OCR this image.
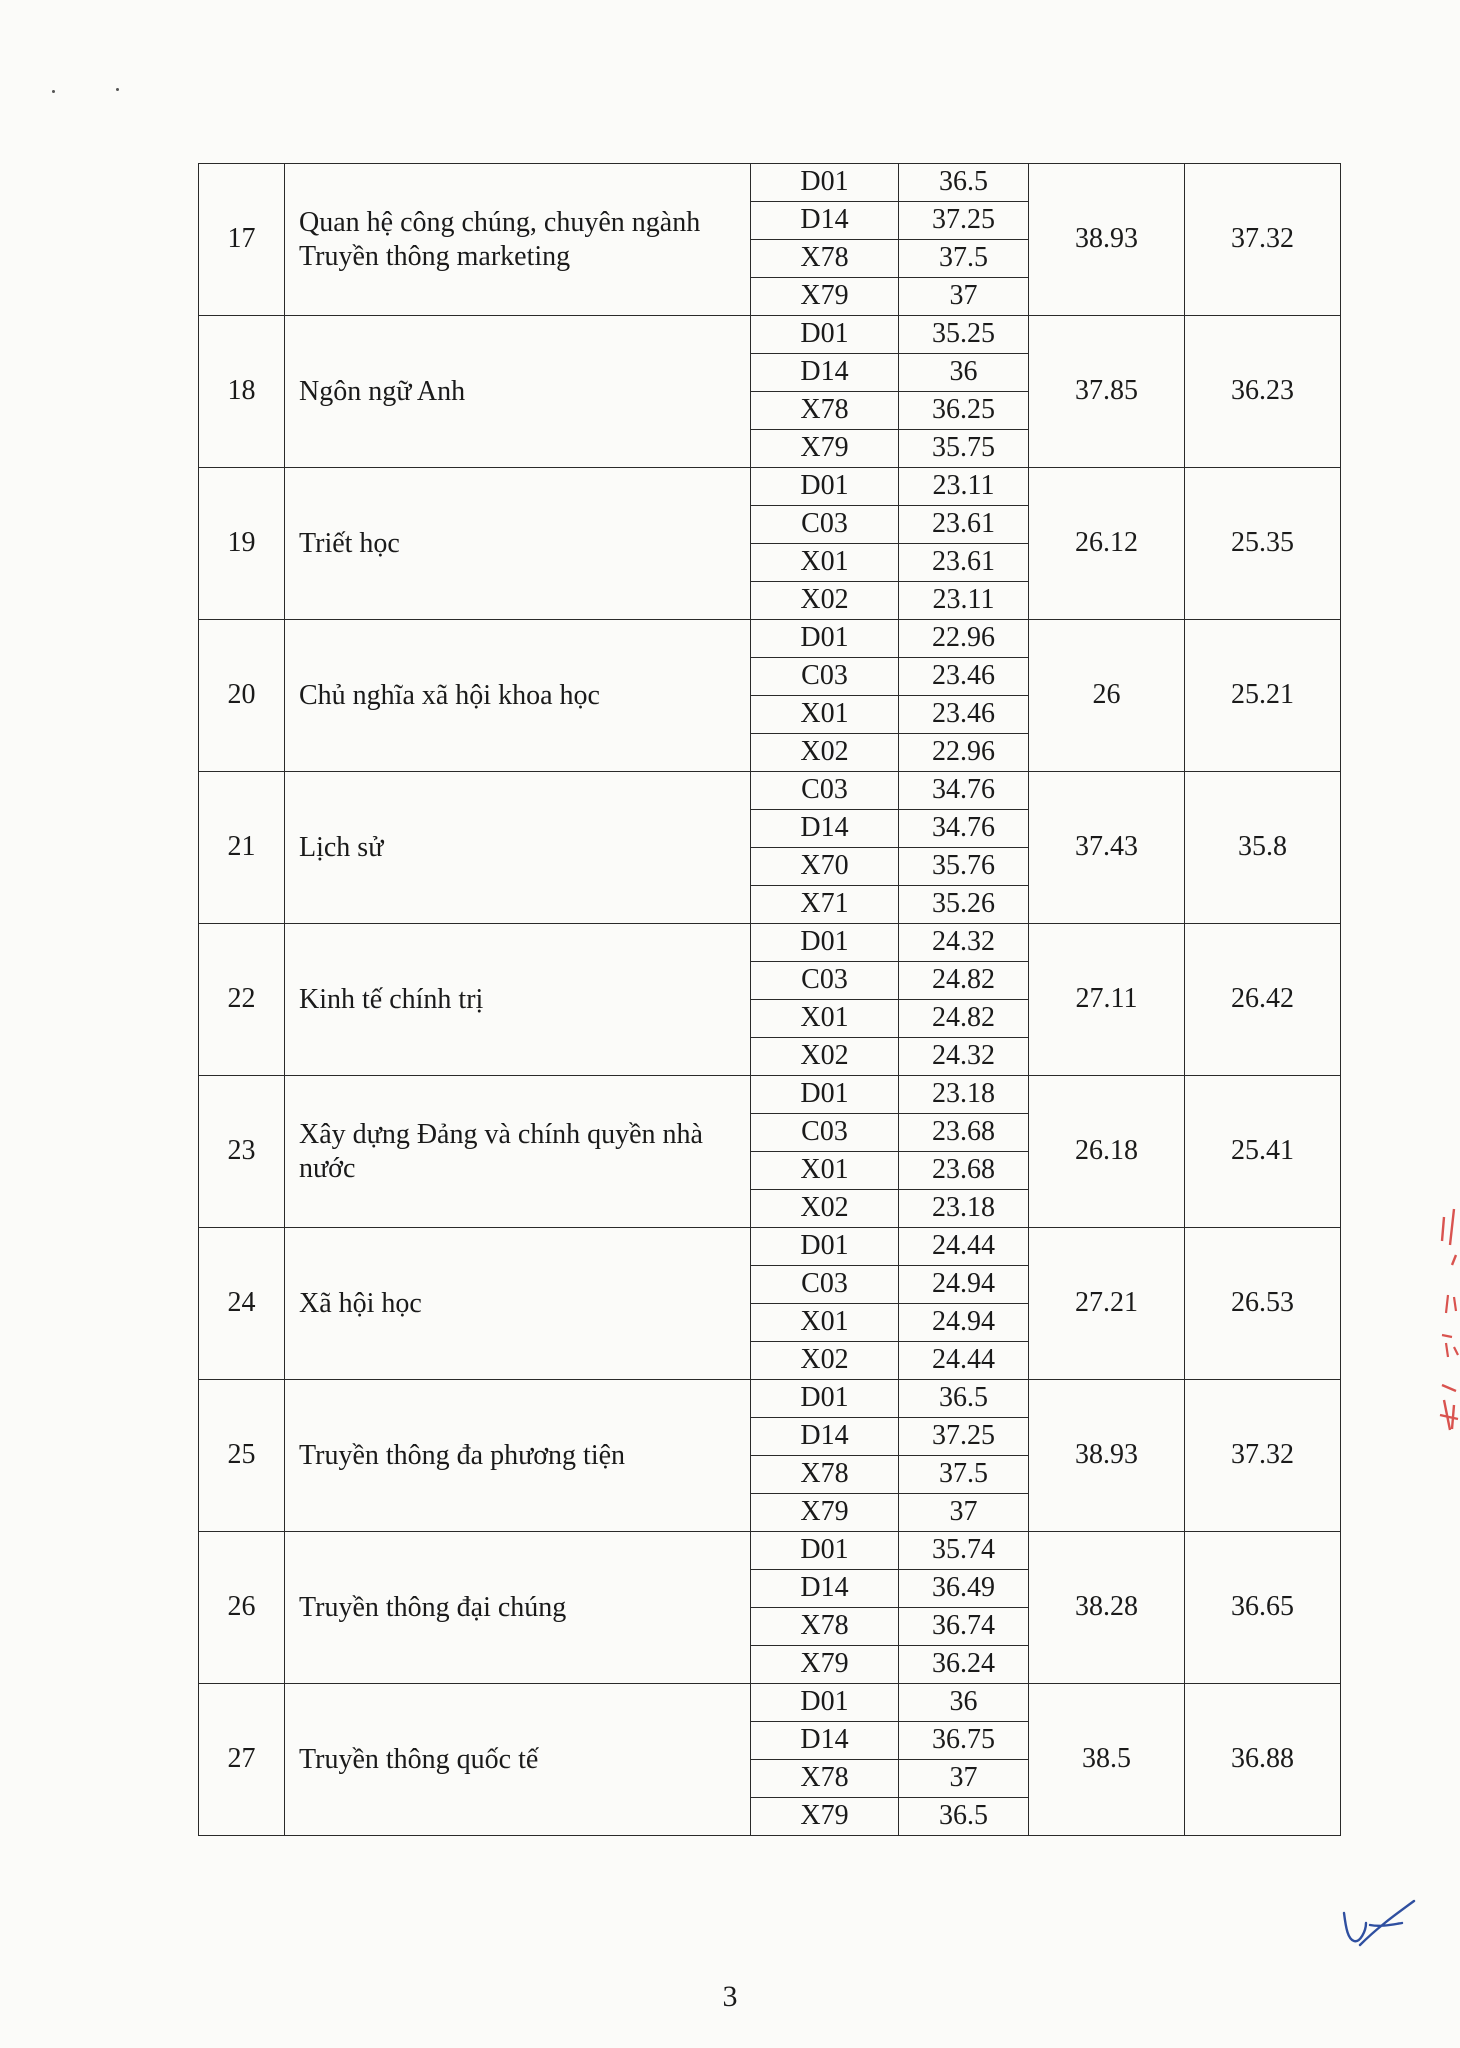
17	Quan hệ công chúng, chuyên ngành Truyền thông marketing	D01	36.5	38.93	37.32
		D14	37.25		
		X78	37.5		
		X79	37		
18	Ngôn ngữ Anh	D01	35.25	37.85	36.23
		D14	36		
		X78	36.25		
		X79	35.75		
19	Triết học	D01	23.11	26.12	25.35
		C03	23.61		
		X01	23.61		
		X02	23.11		
20	Chủ nghĩa xã hội khoa học	D01	22.96	26	25.21
		C03	23.46		
		X01	23.46		
		X02	22.96		
21	Lịch sử	C03	34.76	37.43	35.8
		D14	34.76		
		X70	35.76		
		X71	35.26		
22	Kinh tế chính trị	D01	24.32	27.11	26.42
		C03	24.82		
		X01	24.82		
		X02	24.32		
23	Xây dựng Đảng và chính quyền nhà nước	D01	23.18	26.18	25.41
		C03	23.68		
		X01	23.68		
		X02	23.18		
24	Xã hội học	D01	24.44	27.21	26.53
		C03	24.94		
		X01	24.94		
		X02	24.44		
25	Truyền thông đa phương tiện	D01	36.5	38.93	37.32
		D14	37.25		
		X78	37.5		
		X79	37		
26	Truyền thông đại chúng	D01	35.74	38.28	36.65
		D14	36.49		
		X78	36.74		
		X79	36.24		
27	Truyền thông quốc tế	D01	36	38.5	36.88
		D14	36.75		
		X78	37		
		X79	36.5		
3
